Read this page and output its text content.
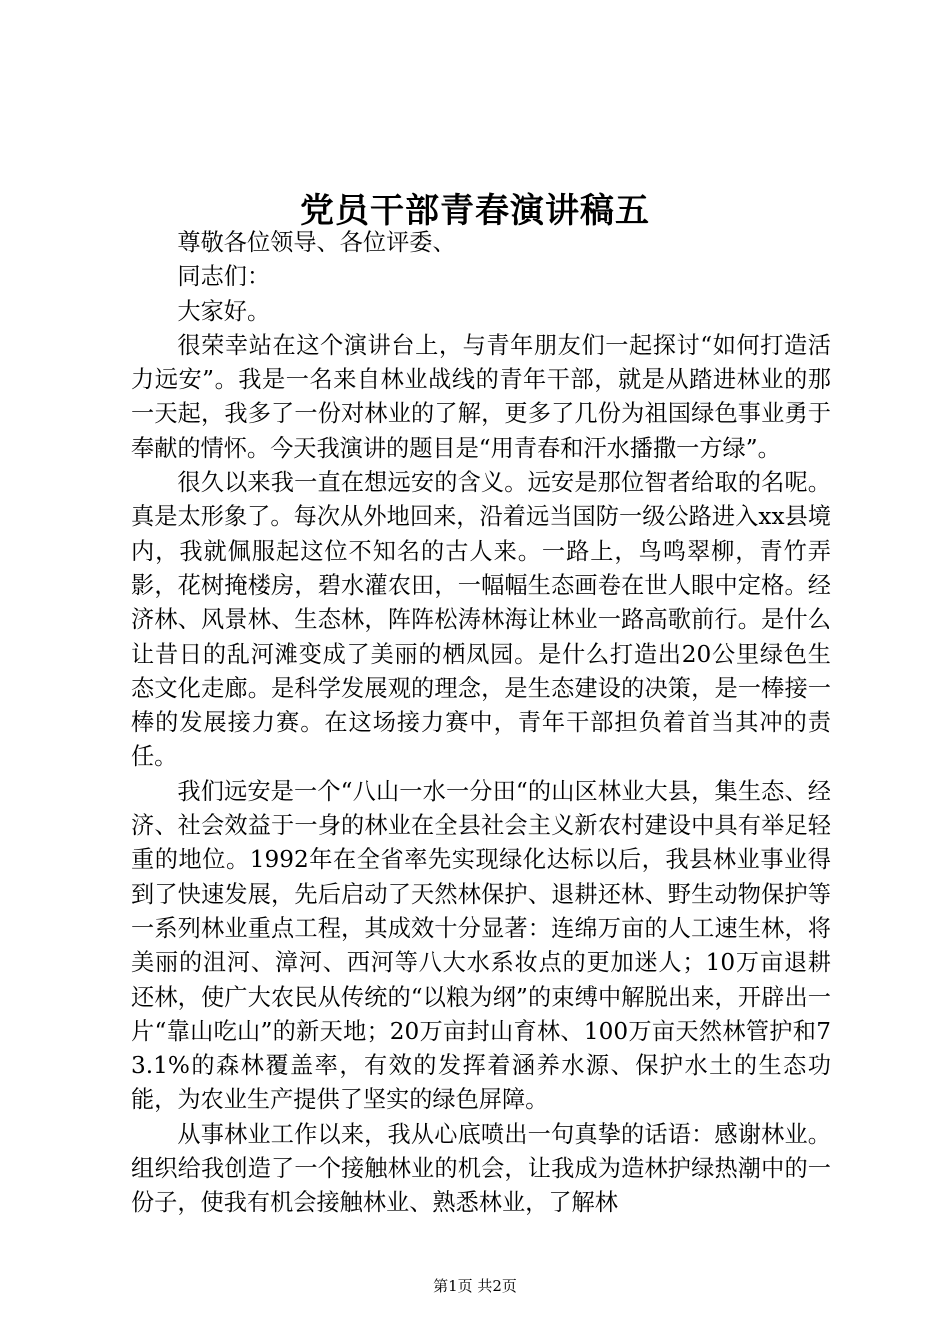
党员干部青春演讲稿五

尊敬各位领导、各位评委、

同志们：

大家好。

很荣幸站在这个演讲台上，与青年朋友们一起探讨“如何打造活力远安”。我是一名来自林业战线的青年干部，就是从踏进林业的那一天起，我多了一份对林业的了解，更多了几份为祖国绿色事业勇于奉献的情怀。今天我演讲的题目是“用青春和汗水播撒一方绿”。

很久以来我一直在想远安的含义。远安是那位智者给取的名呢。真是太形象了。每次从外地回来，沿着远当国防一级公路进入xx县境内，我就佩服起这位不知名的古人来。一路上，鸟鸣翠柳，青竹弄影，花树掩楼房，碧水灌农田，一幅幅生态画卷在世人眼中定格。经济林、风景林、生态林，阵阵松涛林海让林业一路高歌前行。是什么让昔日的乱河滩变成了美丽的栖凤园。是什么打造出20公里绿色生态文化走廊。是科学发展观的理念，是生态建设的决策，是一棒接一棒的发展接力赛。在这场接力赛中，青年干部担负着首当其冲的责任。

我们远安是一个“八山一水一分田“的山区林业大县，集生态、经济、社会效益于一身的林业在全县社会主义新农村建设中具有举足轻重的地位。1992年在全省率先实现绿化达标以后，我县林业事业得到了快速发展，先后启动了天然林保护、退耕还林、野生动物保护等一系列林业重点工程，其成效十分显著：连绵万亩的人工速生林，将美丽的沮河、漳河、西河等八大水系妆点的更加迷人；10万亩退耕还林，使广大农民从传统的“以粮为纲”的束缚中解脱出来，开辟出一片“靠山吃山”的新天地；20万亩封山育林、100万亩天然林管护和73.1%的森林覆盖率，有效的发挥着涵养水源、保护水土的生态功能，为农业生产提供了坚实的绿色屏障。

从事林业工作以来，我从心底喷出一句真挚的话语：感谢林业。组织给我创造了一个接触林业的机会，让我成为造林护绿热潮中的一份子，使我有机会接触林业、熟悉林业，了解林

第1页 共2页
